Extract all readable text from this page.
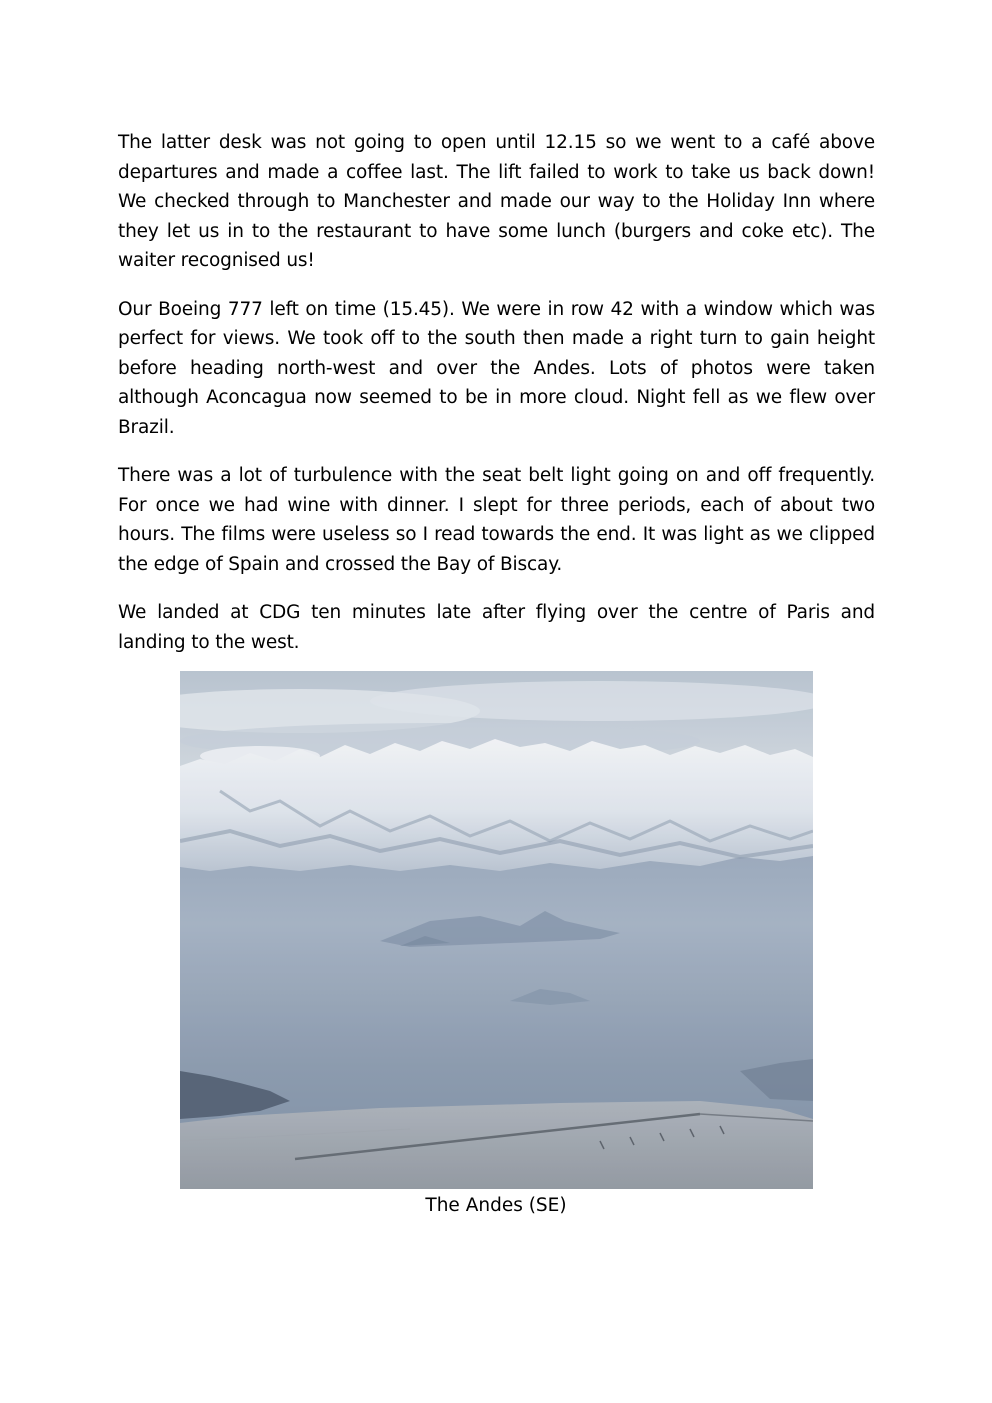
The latter desk was not going to open until 12.15 so we went to a café above departures and made a coffee last. The lift failed to work to take us back down! We checked through to Manchester and made our way to the Holiday Inn where they let us in to the restaurant to have some lunch (burgers and coke etc). The waiter recognised us!

Our Boeing 777 left on time (15.45). We were in row 42 with a window which was perfect for views. We took off to the south then made a right turn to gain height before heading north-west and over the Andes. Lots of photos were taken although Aconcagua now seemed to be in more cloud. Night fell as we flew over Brazil.

There was a lot of turbulence with the seat belt light going on and off frequently. For once we had wine with dinner. I slept for three periods, each of about two hours. The films were useless so I read towards the end. It was light as we clipped the edge of Spain and crossed the Bay of Biscay.

We landed at CDG ten minutes late after flying over the centre of Paris and landing to the west.

The Andes (SE)
